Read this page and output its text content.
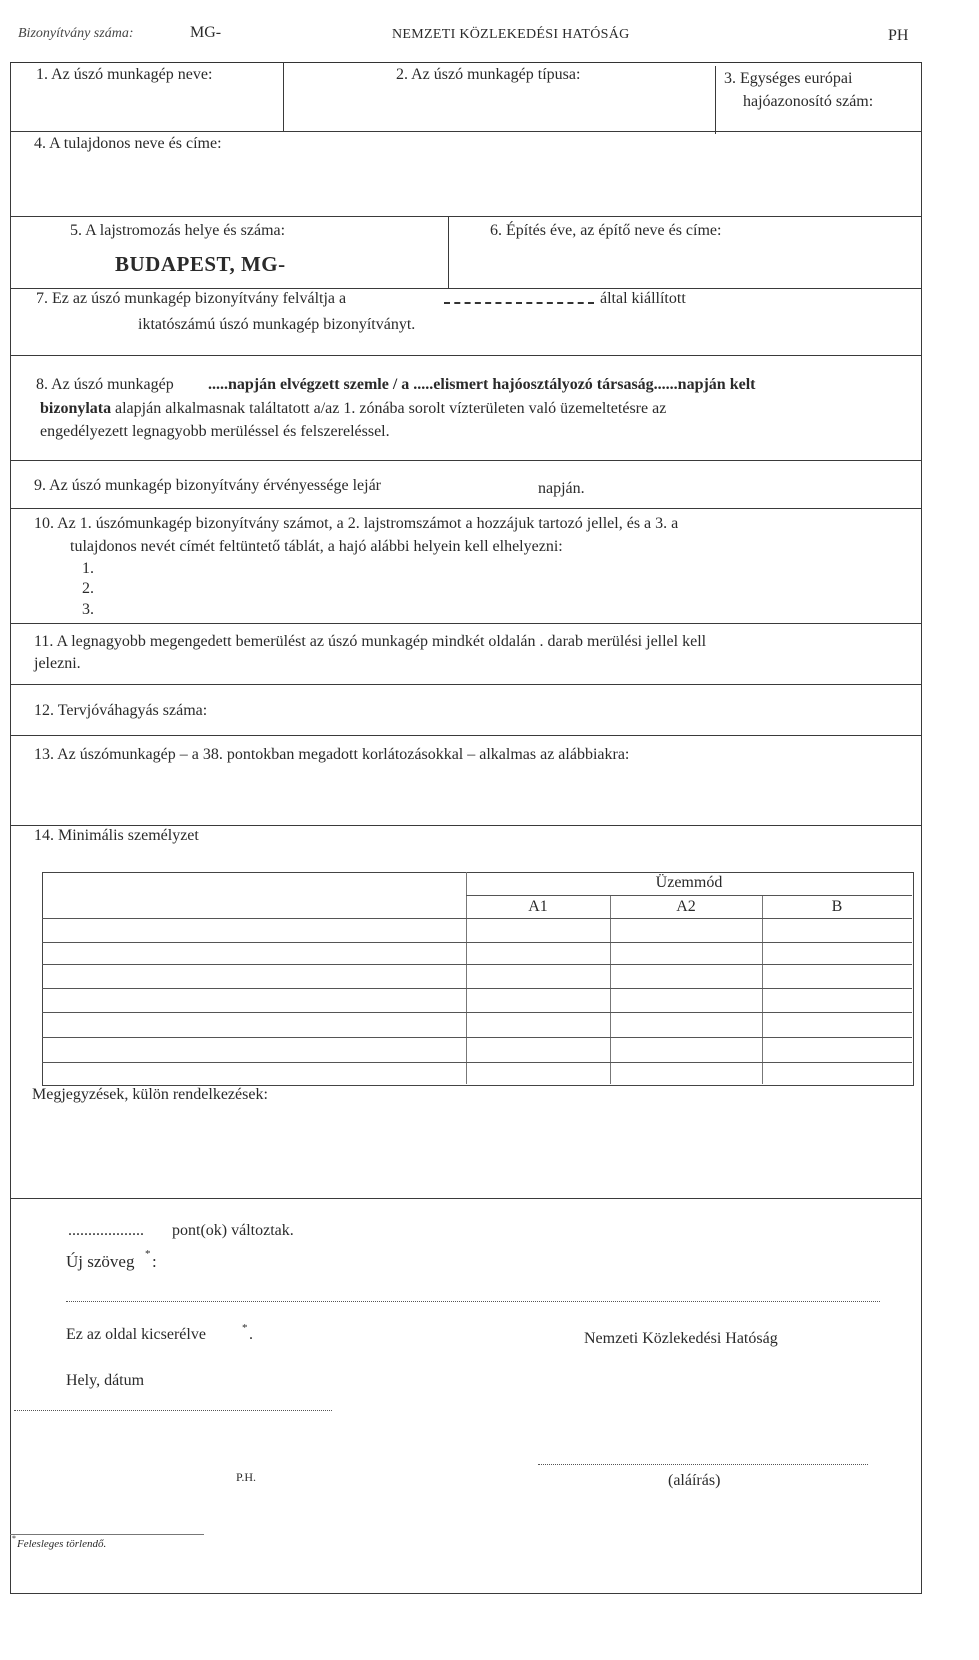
Bizonyítvány száma:	MG-	NEMZETI KÖZLEKEDÉSI HATÓSÁG	PH
1. Az úszó munkagép neve:	2. Az úszó munkagép típusa:	3. Egységes európai
hajóazonosító szám:
4. A tulajdonos neve és címe:
5. A lajstromozás helye és száma:
BUDAPEST, MG-
6. Építés éve, az építő neve és címe:
7. Ez az úszó munkagép bizonyítvány felváltja a	által kiállított
iktatószámú úszó munkagép bizonyítványt.
8. Az úszó munkagép .....napján elvégzett szemle / a .....elismert hajóosztályozó társaság......napján kelt
bizonylata alapján alkalmasnak találtatott a/az 1. zónába sorolt vízterületen való üzemeltetésre az
engedélyezett legnagyobb merüléssel és felszereléssel.
9. Az úszó munkagép bizonyítvány érvényessége lejár	napján.
10. Az 1. úszómunkagép bizonyítvány számot, a 2. lajstromszámot a hozzájuk tartozó jellel, és a 3. a
tulajdonos nevét címét feltüntető táblát, a hajó alábbi helyein kell elhelyezni:
1.
2.
3.
11. A legnagyobb megengedett bemerülést az úszó munkagép mindkét oldalán . darab merülési jellel kell
jelezni.
12. Tervjóváhagyás száma:
13. Az úszómunkagép – a 38. pontokban megadott korlátozásokkal – alkalmas az alábbiakra:
14. Minimális személyzet
Üzemmód
A1	A2	B
Megjegyzések, külön rendelkezések:
................... pont(ok) változtak.
Új szöveg * :
Ez az oldal kicserélve	* .	Nemzeti Közlekedési Hatóság
Hely, dátum
P.H.	(aláírás)
* Felesleges törlendő.
